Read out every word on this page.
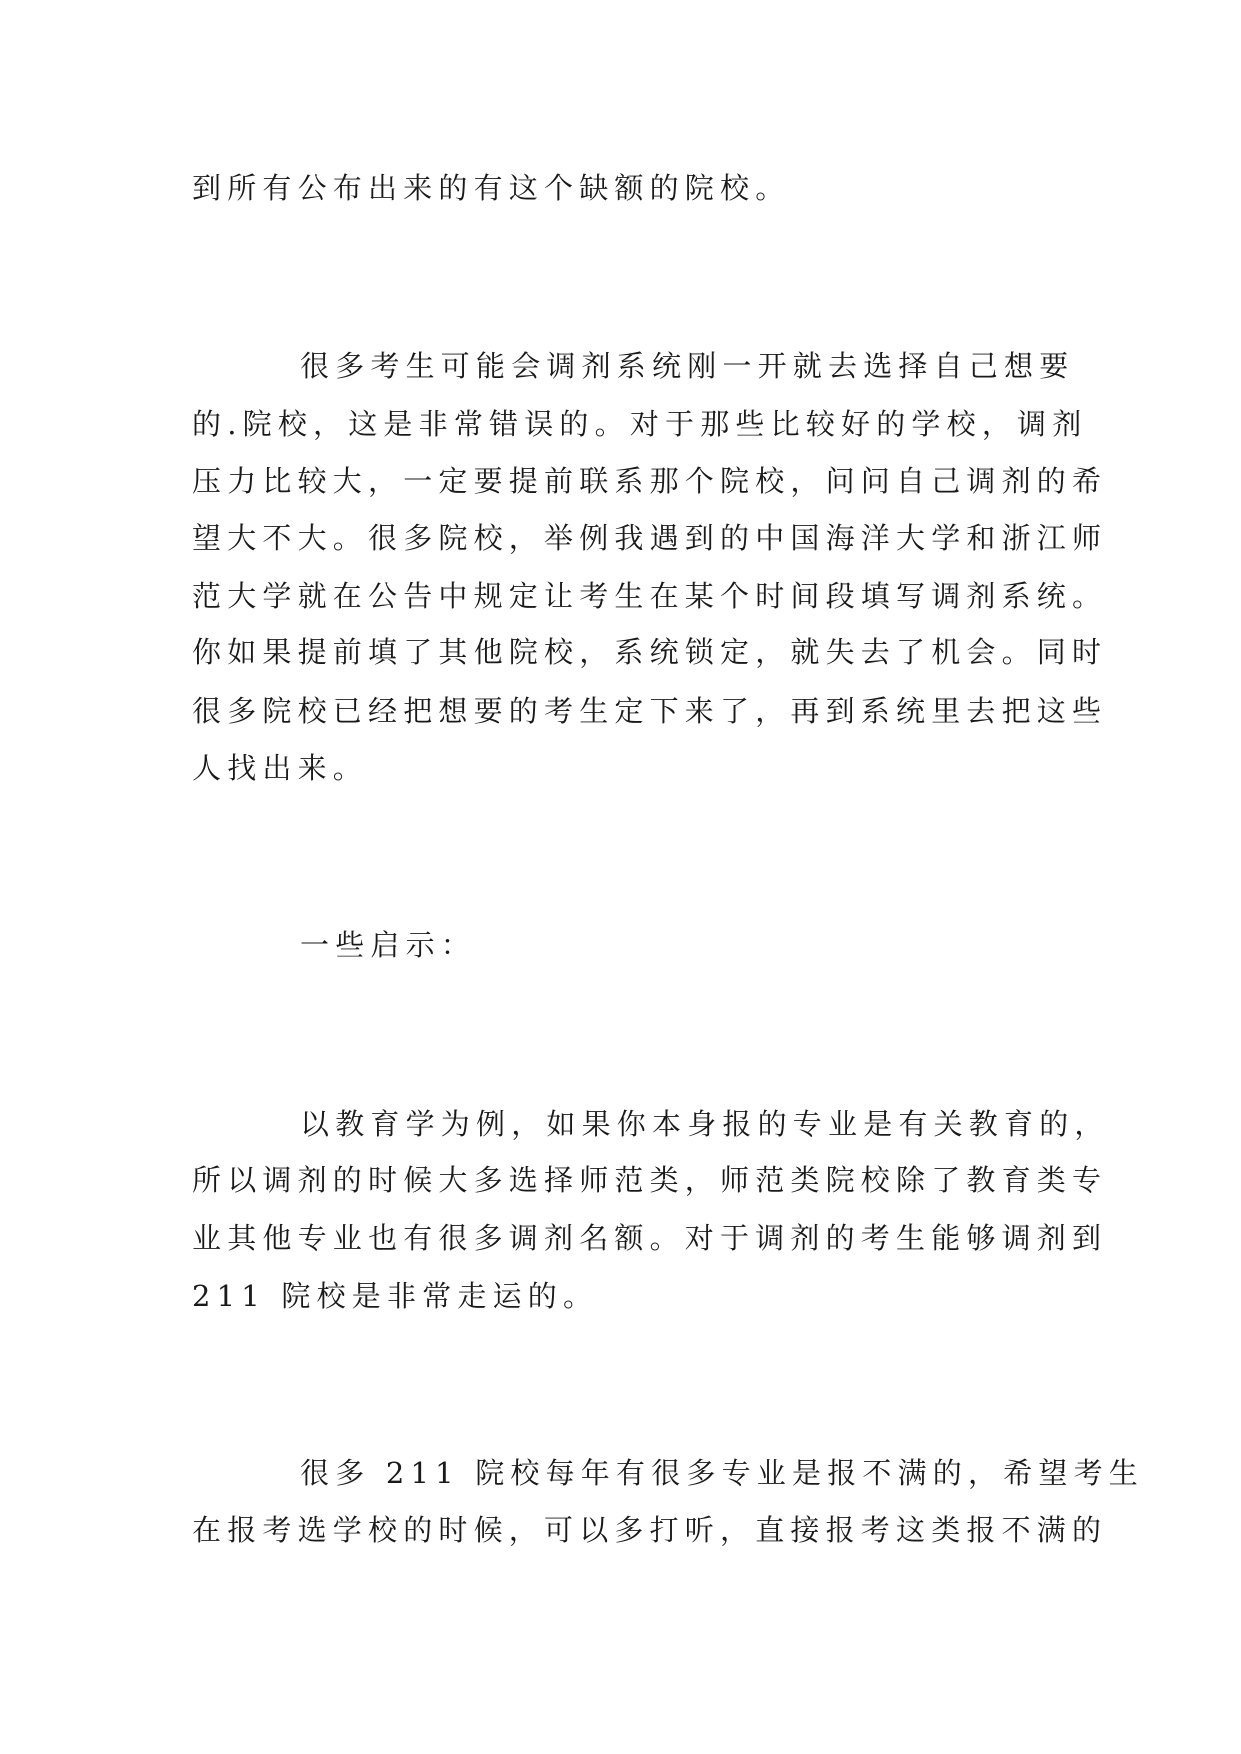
到所有公布出来的有这个缺额的院校。

很多考生可能会调剂系统刚一开就去选择自己想要

的.院校，这是非常错误的。对于那些比较好的学校，调剂

压力比较大，一定要提前联系那个院校，问问自己调剂的希

望大不大。很多院校，举例我遇到的中国海洋大学和浙江师

范大学就在公告中规定让考生在某个时间段填写调剂系统。

你如果提前填了其他院校，系统锁定，就失去了机会。同时

很多院校已经把想要的考生定下来了，再到系统里去把这些

人找出来。

一些启示：

以教育学为例，如果你本身报的专业是有关教育的，

所以调剂的时候大多选择师范类，师范类院校除了教育类专

业其他专业也有很多调剂名额。对于调剂的考生能够调剂到

211 院校是非常走运的。

很多 211 院校每年有很多专业是报不满的，希望考生

在报考选学校的时候，可以多打听，直接报考这类报不满的
